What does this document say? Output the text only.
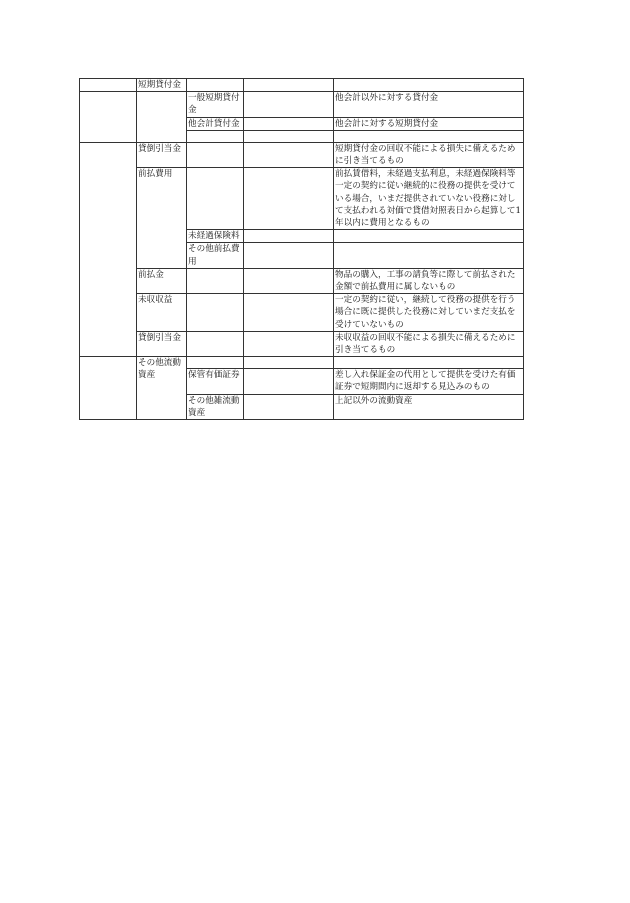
	短期貸付金			
		一般短期貸付金		他会計以外に対する貸付金
		他会計貸付金		他会計に対する短期貸付金

	貸倒引当金			短期貸付金の回収不能による損失に備えるために引き当てるもの
	前払費用			前払賃借料，未経過支払利息，未経過保険料等一定の契約に従い継続的に役務の提供を受けている場合，いまだ提供されていない役務に対して支払われる対価で貸借対照表日から起算して1年以内に費用となるもの
		未経過保険料		
		その他前払費用		
	前払金			物品の購入，工事の請負等に際して前払された金額で前払費用に属しないもの
	未収収益			一定の契約に従い，継続して役務の提供を行う場合に既に提供した役務に対していまだ支払を受けていないもの
	貸倒引当金			未収収益の回収不能による損失に備えるために引き当てるもの
	その他流動資産			
		保管有価証券		差し入れ保証金の代用として提供を受けた有価証券で短期間内に返却する見込みのもの
		その他雑流動資産		上記以外の流動資産
